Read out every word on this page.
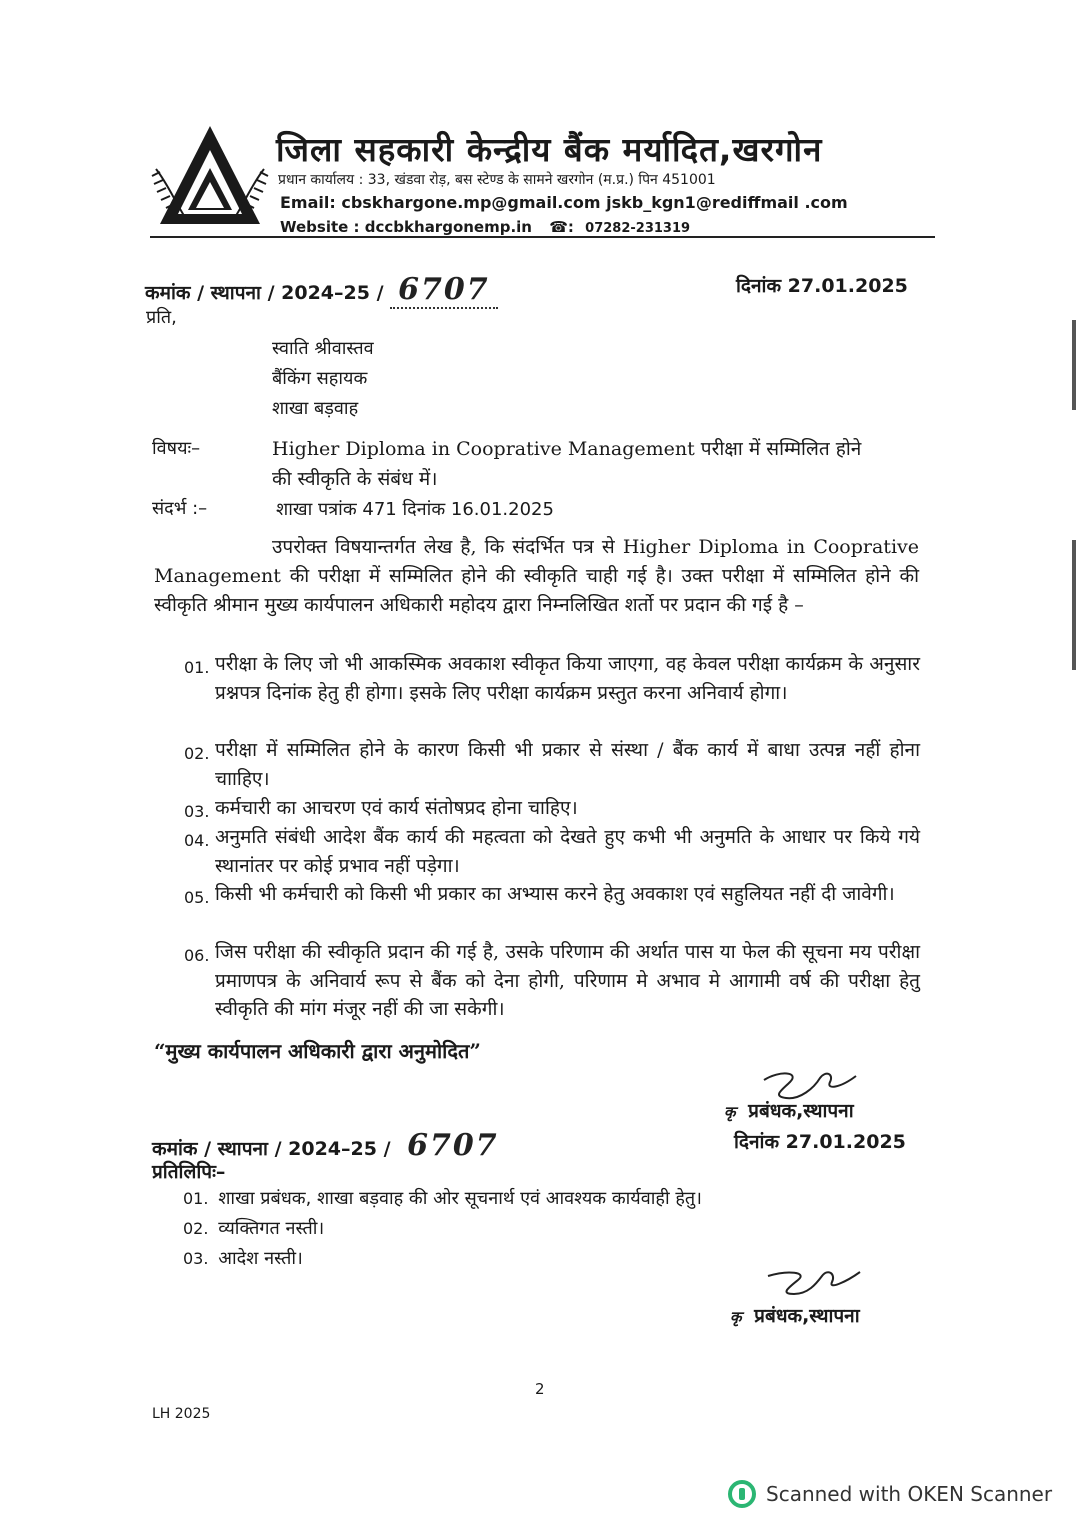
जिला सहकारी केन्द्रीय बैंक मर्यादित,खरगोन
प्रधान कार्यालय : 33, खंडवा रोड़, बस स्टेण्ड के सामने खरगोन (म.प्र.) पिन 451001
Email: cbskhargone.mp@gmail.com jskb_kgn1@rediffmail .com
Website : dccbkhargonemp.in ☎: 07282-231319
कमांक / स्थापना / 2024–25 / 6707	दिनांक 27.01.2025
प्रति,
स्वाति श्रीवास्तव
बैंकिंग सहायक
शाखा बड़वाह
विषयः–	Higher Diploma in Cooprative Management परीक्षा में सम्मिलित होने
की स्वीकृति के संबंध में।
संदर्भ :–	शाखा पत्रांक 471 दिनांक 16.01.2025
उपरोक्त विषयान्तर्गत लेख है, कि संदर्भित पत्र से Higher Diploma in Cooprative Management की परीक्षा में सम्मिलित होने की स्वीकृति चाही गई है। उक्त परीक्षा में सम्मिलित होने की स्वीकृति श्रीमान मुख्य कार्यपालन अधिकारी महोदय द्वारा निम्नलिखित शर्तो पर प्रदान की गई है –
01. परीक्षा के लिए जो भी आकस्मिक अवकाश स्वीकृत किया जाएगा, वह केवल परीक्षा कार्यक्रम के अनुसार प्रश्नपत्र दिनांक हेतु ही होगा। इसके लिए परीक्षा कार्यक्रम प्रस्तुत करना अनिवार्य होगा।
02. परीक्षा में सम्मिलित होने के कारण किसी भी प्रकार से संस्था / बैंक कार्य में बाधा उत्पन्न नहीं होना चााहिए।
03. कर्मचारी का आचरण एवं कार्य संतोषप्रद होना चाहिए।
04. अनुमति संबंधी आदेश बैंक कार्य की महत्वता को देखते हुए कभी भी अनुमति के आधार पर किये गये स्थानांतर पर कोई प्रभाव नहीं पड़ेगा।
05. किसी भी कर्मचारी को किसी भी प्रकार का अभ्यास करने हेतु अवकाश एवं सहुलियत नहीं दी जावेगी।
06. जिस परीक्षा की स्वीकृति प्रदान की गई है, उसके परिणाम की अर्थात पास या फेल की सूचना मय परीक्षा प्रमाणपत्र के अनिवार्य रूप से बैंक को देना होगी, परिणाम मे अभाव मे आगामी वर्ष की परीक्षा हेतु स्वीकृति की मांग मंजूर नहीं की जा सकेगी।
“मुख्य कार्यपालन अधिकारी द्वारा अनुमोदित”
कृ प्रबंधक,स्थापना
कमांक / स्थापना / 2024–25 / 6707	दिनांक 27.01.2025
प्रतिलिपिः–
01. शाखा प्रबंधक, शाखा बड़वाह की ओर सूचनार्थ एवं आवश्यक कार्यवाही हेतु।
02. व्यक्तिगत नस्ती।
03. आदेश नस्ती।
कृ प्रबंधक,स्थापना
2
LH 2025
Scanned with OKEN Scanner
